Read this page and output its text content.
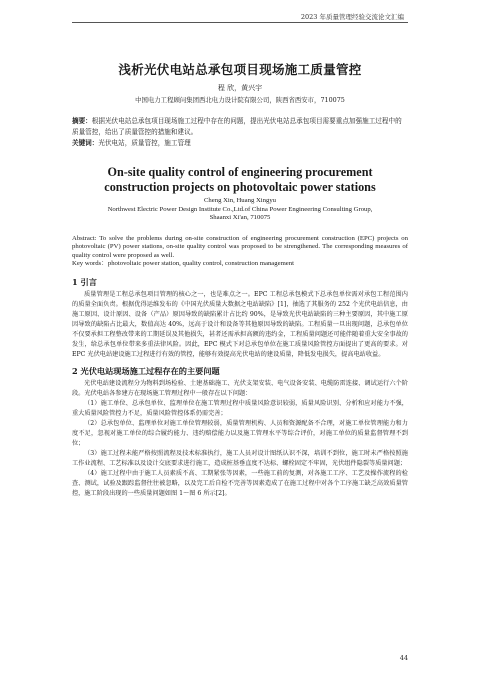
2023 年质量管理经验交流论文汇编
浅析光伏电站总承包项目现场施工质量管控
程 欣，黄兴宇
中国电力工程顾问集团西北电力设计院有限公司，陕西省西安市，710075

摘要：根据光伏电站总承包项目现场施工过程中存在的问题，提出光伏电站总承包项目需要重点加强施工过程中的质量管控，给出了质量管控的措施和建议。

关键词：光伏电站，质量管控，施工管理

On-site quality control of engineering procurement
construction projects on photovoltaic power stations
Cheng Xin, Huang Xingyu
Northwest Electric Power Design Institute Co.,Ltd.of China Power Engineering Consulting Group,
Shaanxi Xi'an, 710075

Abstract: To solve the problems during on-site construction of engineering procurement construction (EPC) projects on photovoltaic (PV) power stations, on-site quality control was proposed to be strengthened. The corresponding measures of quality control were proposed as well.

Key words：photovoltaic power station, quality control, construction management

1 引言

质量管理是工程总承包项目管理的核心之一，也是难点之一。EPC 工程总承包模式下总承包单位需对承包工程范围内的质量全面负责。根据优得运维发布的《中国光伏质量大数据之电站缺陷》[1]，抽选了其服务的 252 个光伏电站信息，由施工原因、设计原因、设备（产品）原因导致的缺陷累计占比约 90%，是导致光伏电站缺陷的三种主要原因，其中施工原因导致的缺陷占比最大，数值高达 40%，远高于设计和设备等其他原因导致的缺陷。工程质量一旦出现问题，总承包单位不仅要承担工程整改带来的工期延误及其他损失，甚者还需承担高额的违约金，工程质量问题还可能伴随着重大安全事故的发生，给总承包单位带来多重法律风险。因此，EPC 模式下对总承包单位在施工质量风险管控方面提出了更高的要求。对 EPC 光伏电站建设施工过程进行有效的管控，能够有效提高光伏电站的建设质量，降低发电损失，提高电站收益。

2 光伏电站现场施工过程存在的主要问题

光伏电站建设流程分为物料到场检验、土建基础施工、光伏支架安装、电气设备安装、电缆防雷连接、调试运行六个阶段。光伏电站各参建方在现场施工管理过程中一般存在以下问题：

（1）施工单位、总承包单位、监理单位在施工管理过程中质量风险意识较弱，质量风险识别、分析和应对能力不强，重大质量风险管控力不足，质量风险管控体系仍需完善；

（2）总承包单位、监理单位对施工单位管理较弱，质量管理机构、人员和资源配备不合理，对施工单位管理能力和力度不足，忽视对施工单位的综合履约能力、违约赔偿能力以及施工管理水平等综合评价，对施工单位的质量监督管理不到位；

（3）施工过程未能严格按照流程及技术标准执行，施工人员对设计图纸认识不深，培训不到位，施工时未严格按照施工作业流程、工艺标准以及设计交底要求进行施工，造成桩基垂直度不达标、螺栓固定不牢固，光伏组件隐裂等质量问题；

（4）施工过程中由于施工人员素质不高、工期紧张等因素，一些施工前的复测，对各施工工序、工艺及操作流程的检查、测试，试验及跟踪监督往往被忽略，以及完工后自检不完善等因素造成了在施工过程中对各个工序施工缺乏高效质量管控，施工阶段出现的一些质量问题如图 1～图 6 所示[2]。

44
